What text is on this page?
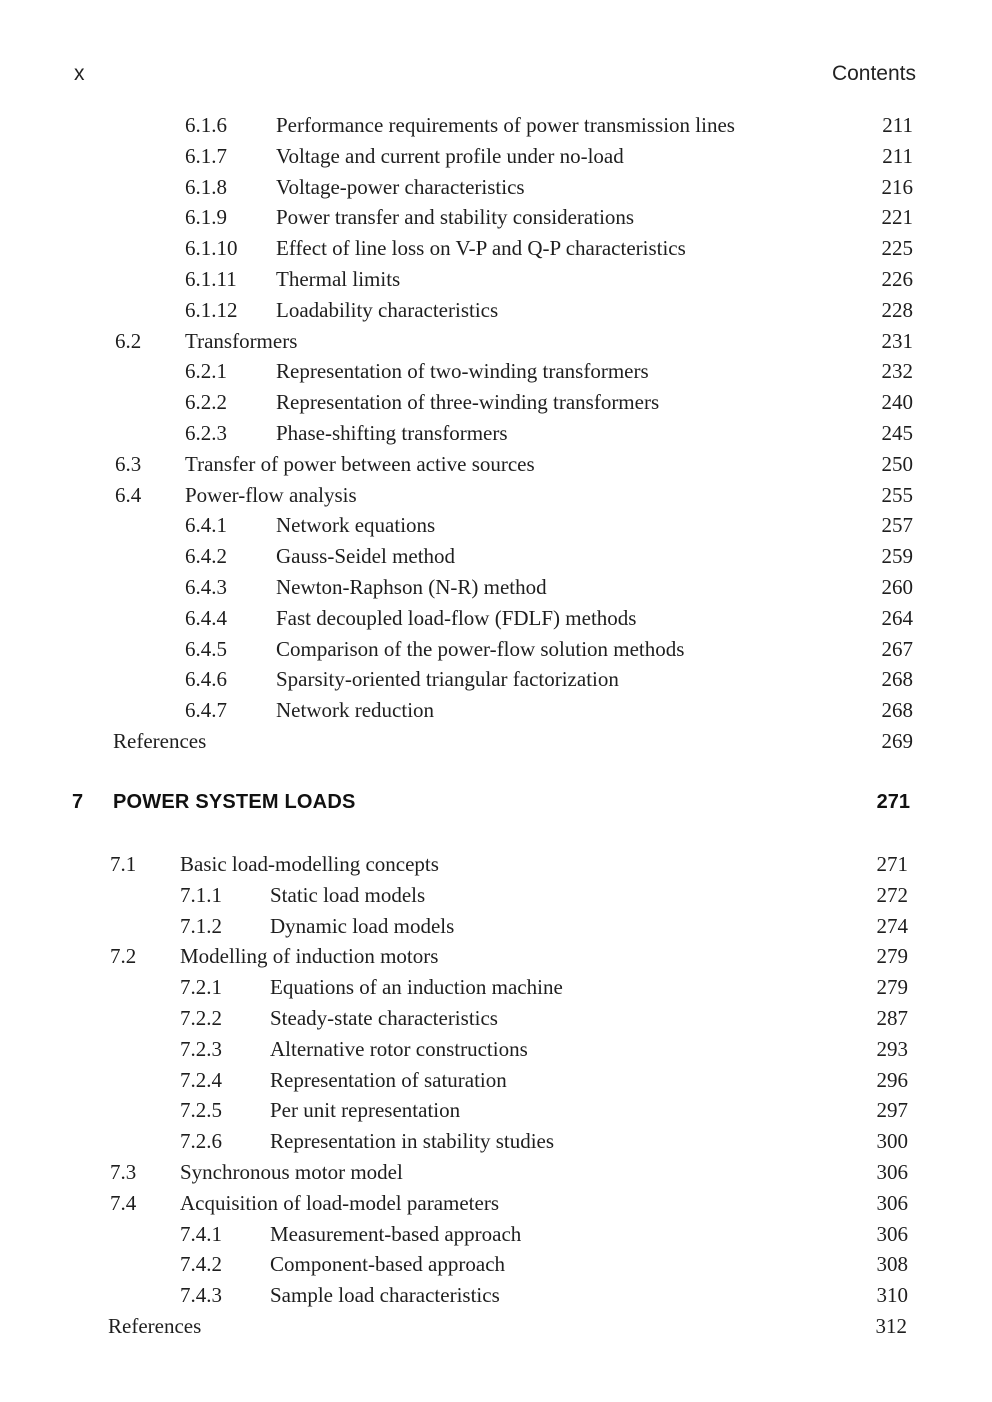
x	Contents
6.1.6 Performance requirements of power transmission lines	211
6.1.7 Voltage and current profile under no-load	211
6.1.8 Voltage-power characteristics	216
6.1.9 Power transfer and stability considerations	221
6.1.10 Effect of line loss on V-P and Q-P characteristics	225
6.1.11 Thermal limits	226
6.1.12 Loadability characteristics	228
6.2 Transformers	231
6.2.1 Representation of two-winding transformers	232
6.2.2 Representation of three-winding transformers	240
6.2.3 Phase-shifting transformers	245
6.3 Transfer of power between active sources	250
6.4 Power-flow analysis	255
6.4.1 Network equations	257
6.4.2 Gauss-Seidel method	259
6.4.3 Newton-Raphson (N-R) method	260
6.4.4 Fast decoupled load-flow (FDLF) methods	264
6.4.5 Comparison of the power-flow solution methods	267
6.4.6 Sparsity-oriented triangular factorization	268
6.4.7 Network reduction	268
References	269
7 POWER SYSTEM LOADS	271
7.1 Basic load-modelling concepts	271
7.1.1 Static load models	272
7.1.2 Dynamic load models	274
7.2 Modelling of induction motors	279
7.2.1 Equations of an induction machine	279
7.2.2 Steady-state characteristics	287
7.2.3 Alternative rotor constructions	293
7.2.4 Representation of saturation	296
7.2.5 Per unit representation	297
7.2.6 Representation in stability studies	300
7.3 Synchronous motor model	306
7.4 Acquisition of load-model parameters	306
7.4.1 Measurement-based approach	306
7.4.2 Component-based approach	308
7.4.3 Sample load characteristics	310
References	312
